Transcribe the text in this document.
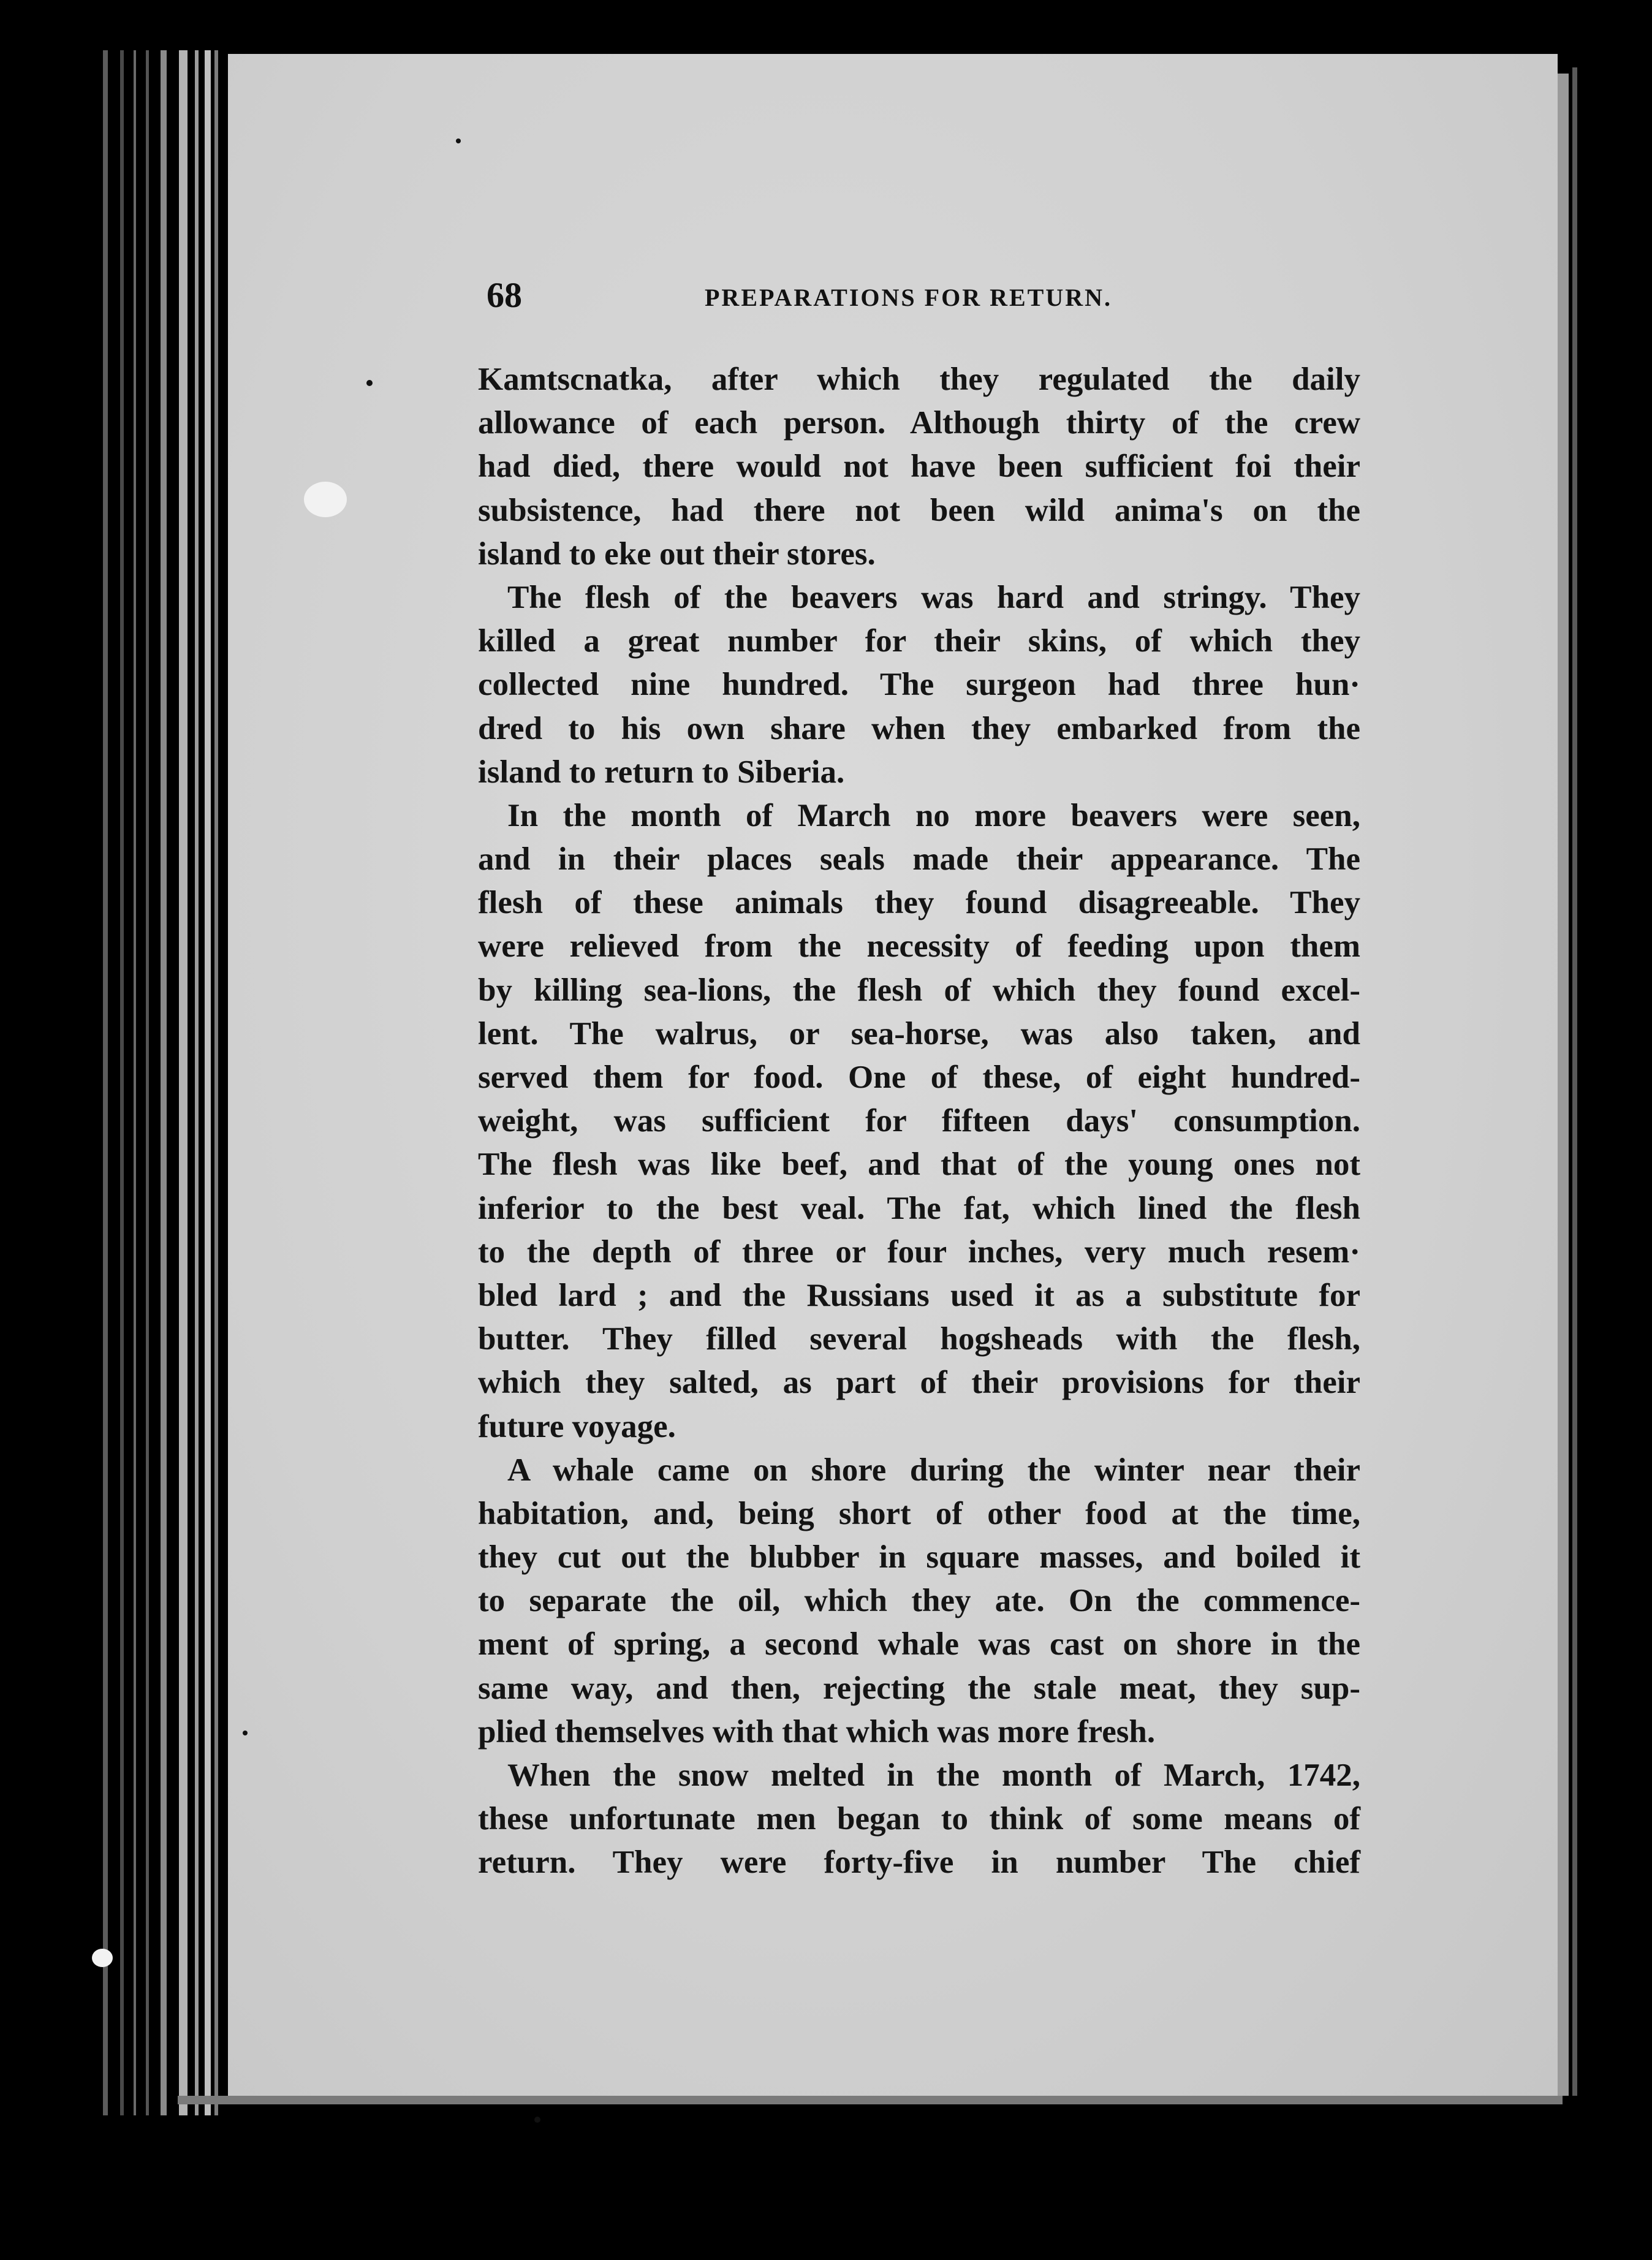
68	PREPARATIONS FOR RETURN.
Kamtscnatka, after which they regulated the daily
allowance of each person. Although thirty of the crew
had died, there would not have been sufficient foi their
subsistence, had there not been wild anima's on the
island to eke out their stores.
The flesh of the beavers was hard and stringy. They
killed a great number for their skins, of which they
collected nine hundred. The surgeon had three hun·
dred to his own share when they embarked from the
island to return to Siberia.
In the month of March no more beavers were seen,
and in their places seals made their appearance. The
flesh of these animals they found disagreeable. They
were relieved from the necessity of feeding upon them
by killing sea-lions, the flesh of which they found excel-
lent. The walrus, or sea-horse, was also taken, and
served them for food. One of these, of eight hundred-
weight, was sufficient for fifteen days' consumption.
The flesh was like beef, and that of the young ones not
inferior to the best veal. The fat, which lined the flesh
to the depth of three or four inches, very much resem·
bled lard ; and the Russians used it as a substitute for
butter. They filled several hogsheads with the flesh,
which they salted, as part of their provisions for their
future voyage.
A whale came on shore during the winter near their
habitation, and, being short of other food at the time,
they cut out the blubber in square masses, and boiled it
to separate the oil, which they ate. On the commence-
ment of spring, a second whale was cast on shore in the
same way, and then, rejecting the stale meat, they sup-
plied themselves with that which was more fresh.
When the snow melted in the month of March, 1742,
these unfortunate men began to think of some means of
return. They were forty-five in number The chief
